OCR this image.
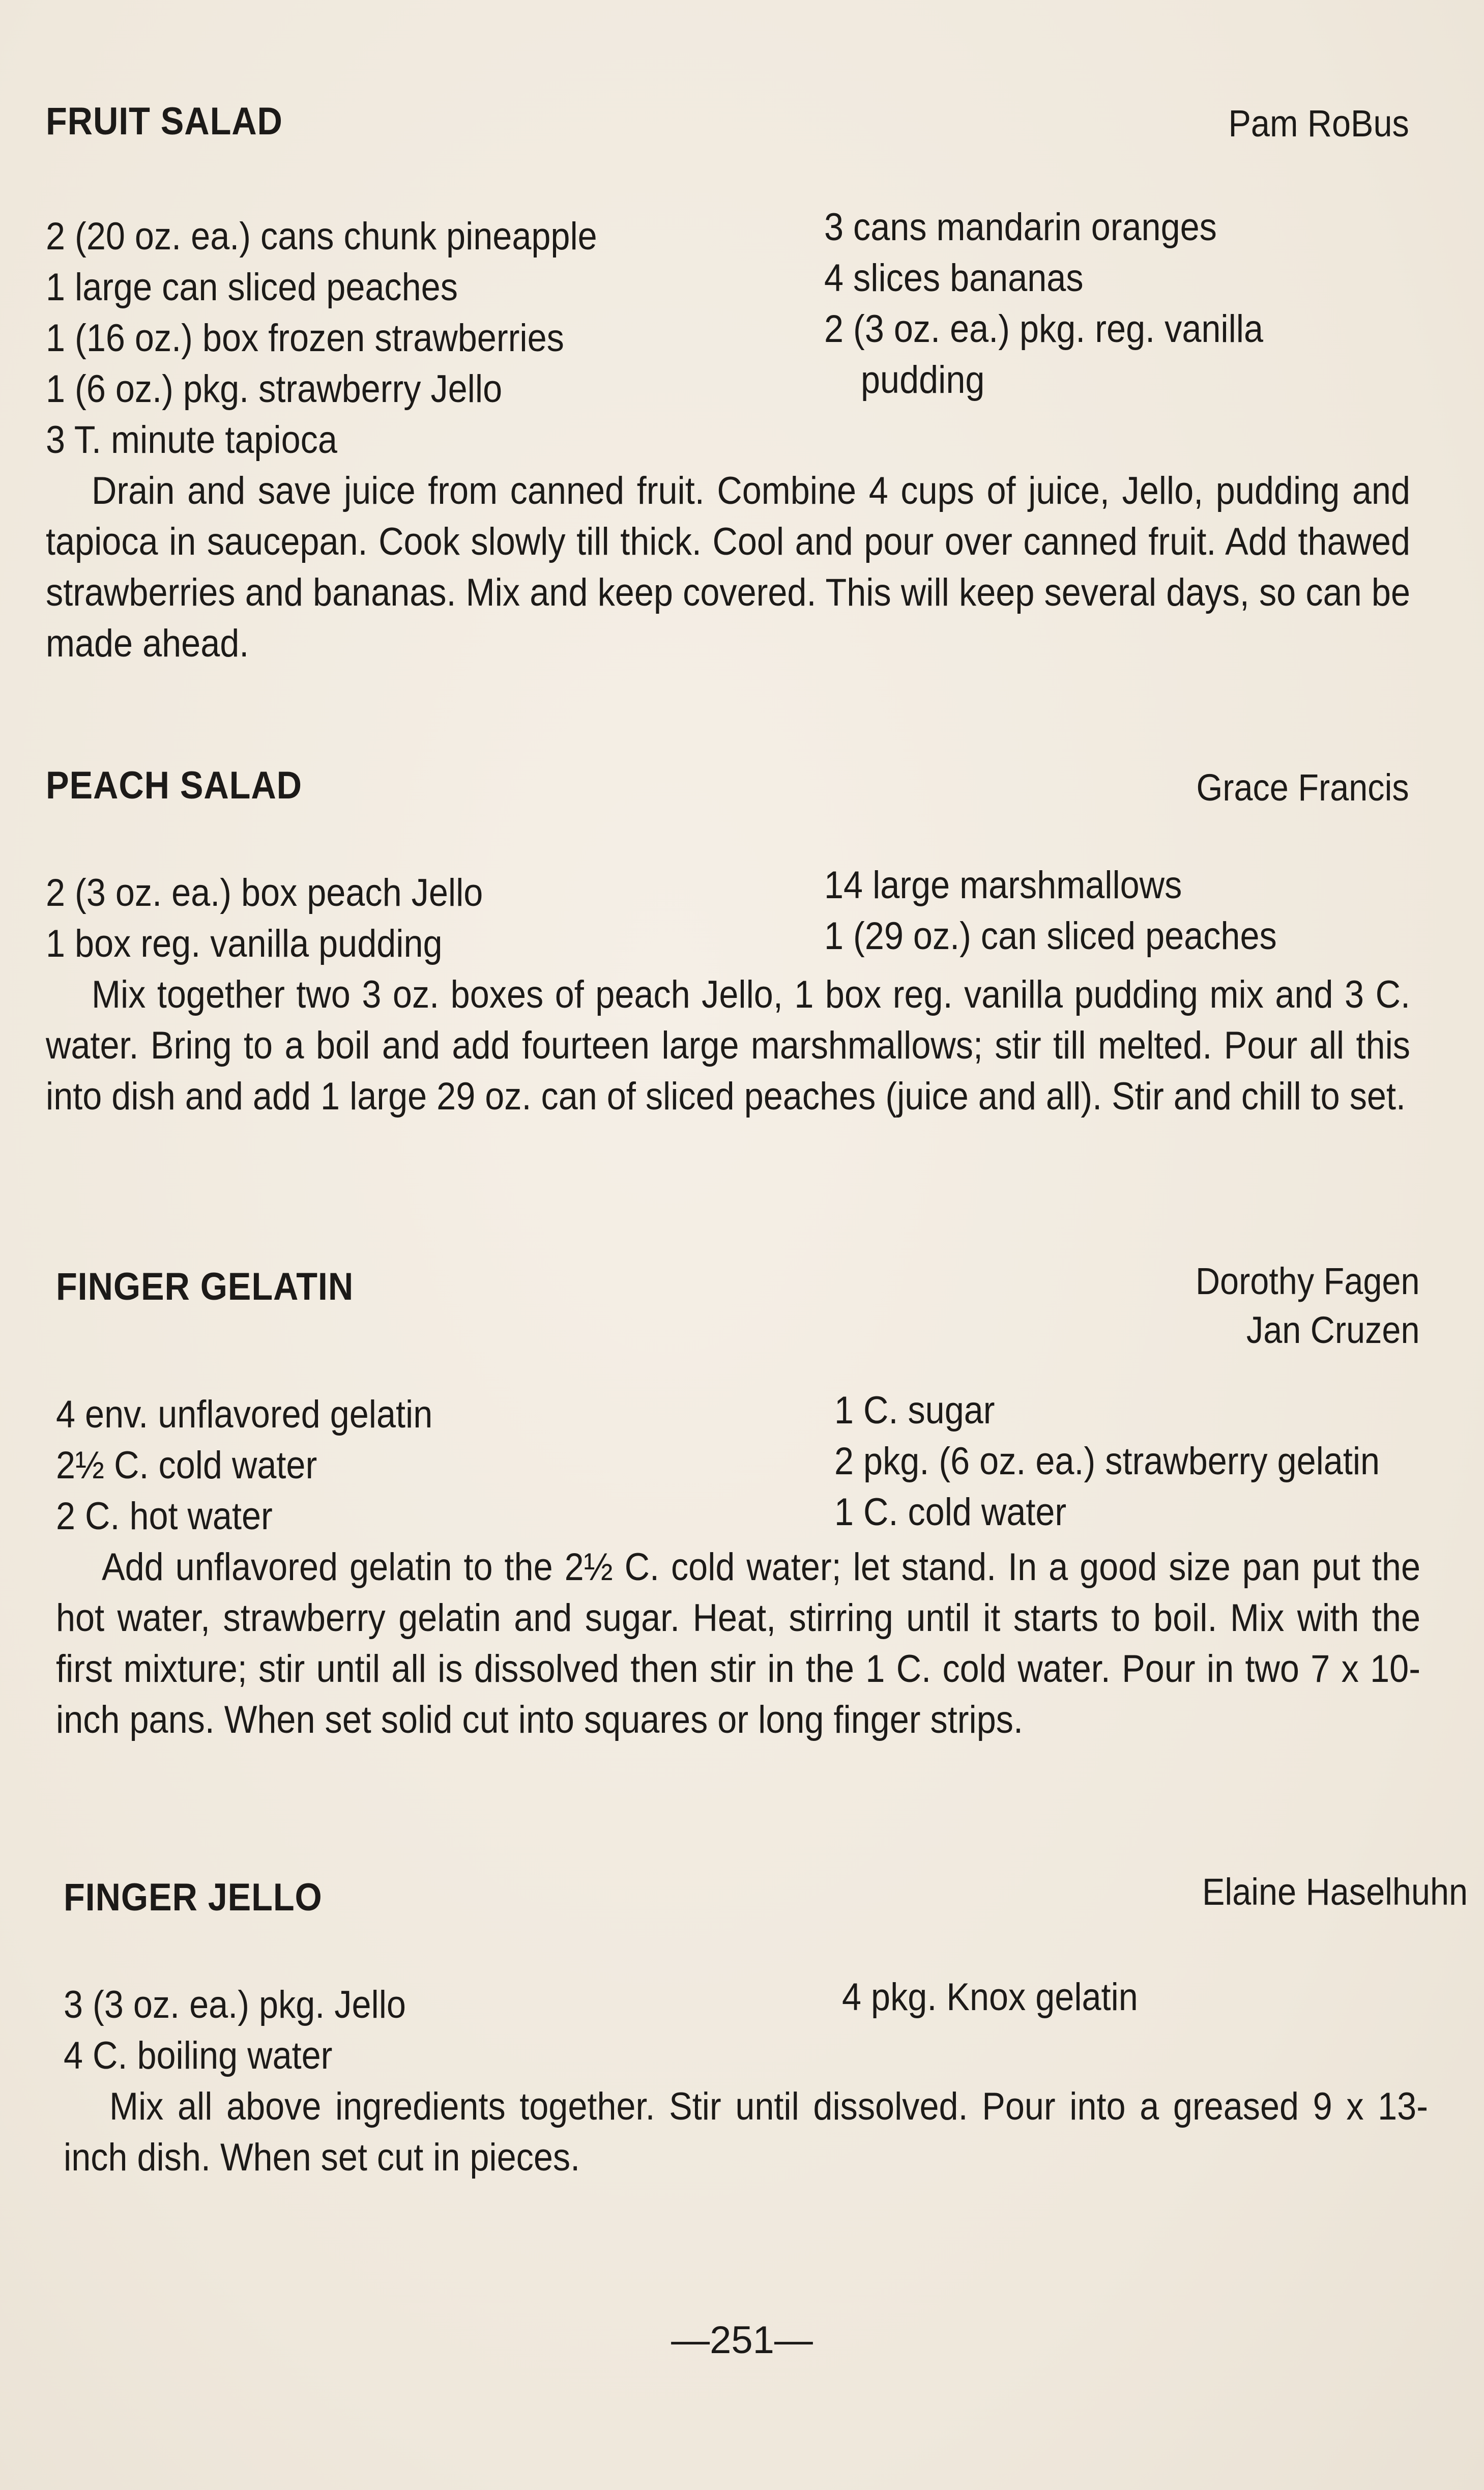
FRUIT SALAD	Pam RoBus
2 (20 oz. ea.) cans chunk pineapple
1 large can sliced peaches
1 (16 oz.) box frozen strawberries
1 (6 oz.) pkg. strawberry Jello
3 T. minute tapioca
3 cans mandarin oranges
4 slices bananas
2 (3 oz. ea.) pkg. reg. vanilla
pudding

Drain and save juice from canned fruit. Combine 4 cups of juice, Jello, pudding and tapioca in saucepan. Cook slowly till thick. Cool and pour over canned fruit. Add thawed strawberries and bananas. Mix and keep covered. This will keep several days, so can be made ahead.

PEACH SALAD	Grace Francis
2 (3 oz. ea.) box peach Jello
1 box reg. vanilla pudding
14 large marshmallows
1 (29 oz.) can sliced peaches

Mix together two 3 oz. boxes of peach Jello, 1 box reg. vanilla pudding mix and 3 C. water. Bring to a boil and add fourteen large marshmallows; stir till melted. Pour all this into dish and add 1 large 29 oz. can of sliced peaches (juice and all). Stir and chill to set.

FINGER GELATIN	Dorothy Fagen
Jan Cruzen
4 env. unflavored gelatin
2½ C. cold water
2 C. hot water
1 C. sugar
2 pkg. (6 oz. ea.) strawberry gelatin
1 C. cold water

Add unflavored gelatin to the 2½ C. cold water; let stand. In a good size pan put the hot water, strawberry gelatin and sugar. Heat, stirring until it starts to boil. Mix with the first mixture; stir until all is dissolved then stir in the 1 C. cold water. Pour in two 7 x 10-inch pans. When set solid cut into squares or long finger strips.

FINGER JELLO	Elaine Haselhuhn
3 (3 oz. ea.) pkg. Jello
4 C. boiling water
4 pkg. Knox gelatin

Mix all above ingredients together. Stir until dissolved. Pour into a greased 9 x 13-inch dish. When set cut in pieces.

—251—
